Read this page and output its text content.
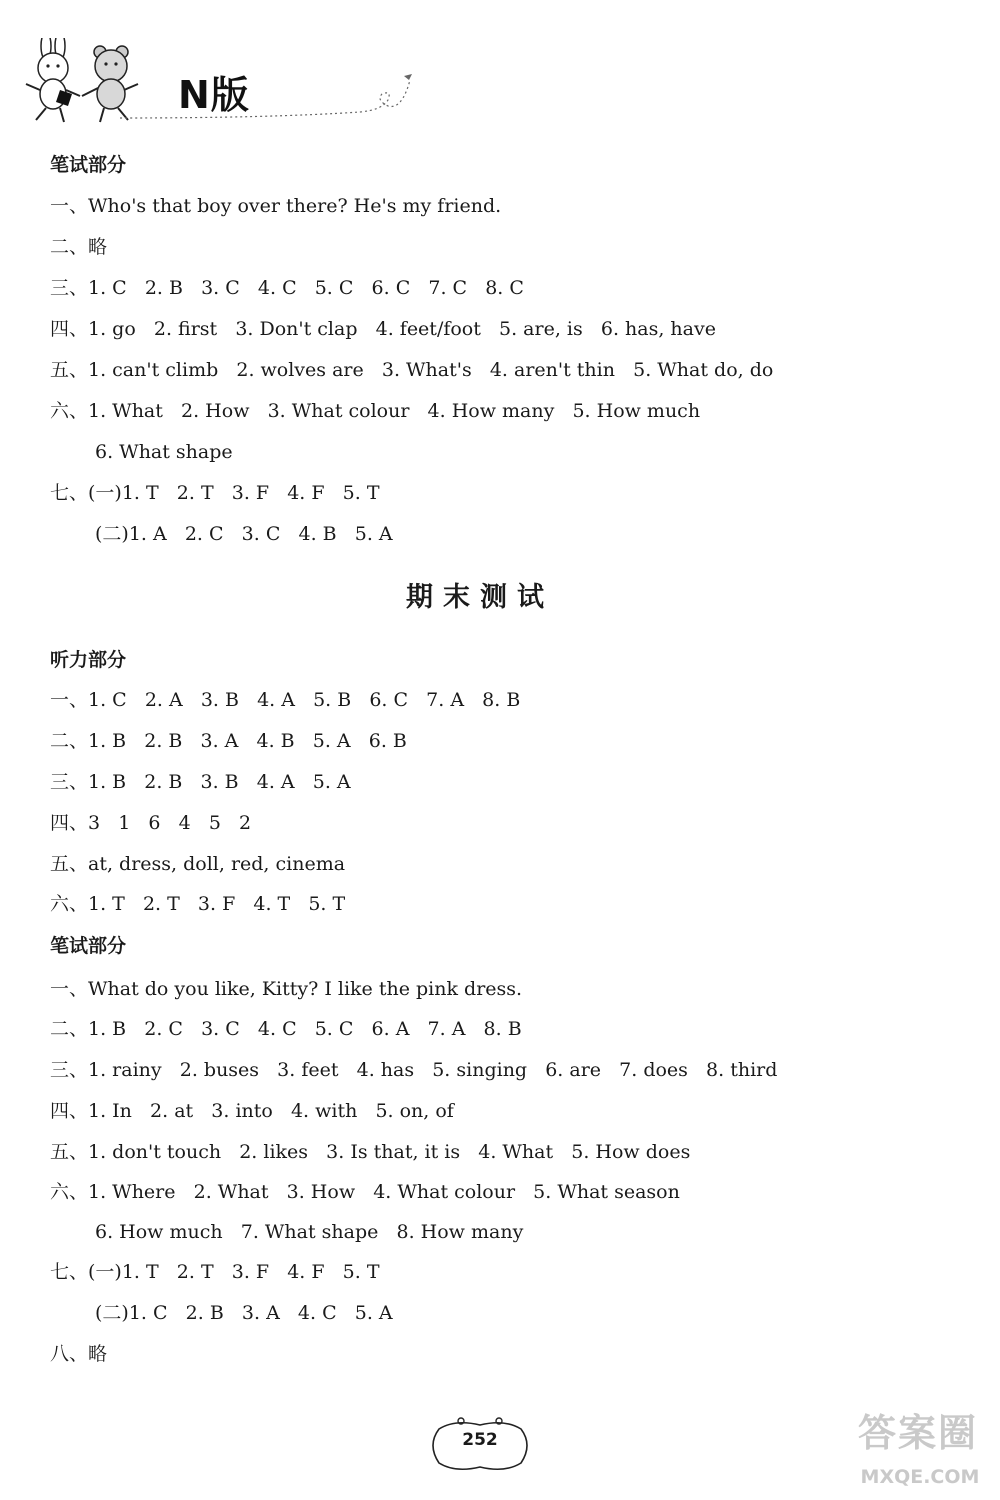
N版
笔试部分
一、Who's that boy over there? He's my friend.
二、略
三、1. C   2. B   3. C   4. C   5. C   6. C   7. C   8. C
四、1. go   2. first   3. Don't clap   4. feet/foot   5. are, is   6. has, have
五、1. can't climb   2. wolves are   3. What's   4. aren't thin   5. What do, do
六、1. What   2. How   3. What colour   4. How many   5. How much
6. What shape
七、(一)1. T   2. T   3. F   4. F   5. T
(二)1. A   2. C   3. C   4. B   5. A
期末测试
听力部分
一、1. C   2. A   3. B   4. A   5. B   6. C   7. A   8. B
二、1. B   2. B   3. A   4. B   5. A   6. B
三、1. B   2. B   3. B   4. A   5. A
四、3   1   6   4   5   2
五、at, dress, doll, red, cinema
六、1. T   2. T   3. F   4. T   5. T
笔试部分
一、What do you like, Kitty? I like the pink dress.
二、1. B   2. C   3. C   4. C   5. C   6. A   7. A   8. B
三、1. rainy   2. buses   3. feet   4. has   5. singing   6. are   7. does   8. third
四、1. In   2. at   3. into   4. with   5. on, of
五、1. don't touch   2. likes   3. Is that, it is   4. What   5. How does
六、1. Where   2. What   3. How   4. What colour   5. What season
6. How much   7. What shape   8. How many
七、(一)1. T   2. T   3. F   4. F   5. T
(二)1. C   2. B   3. A   4. C   5. A
八、略
252	答案圈
MXQE.COM
